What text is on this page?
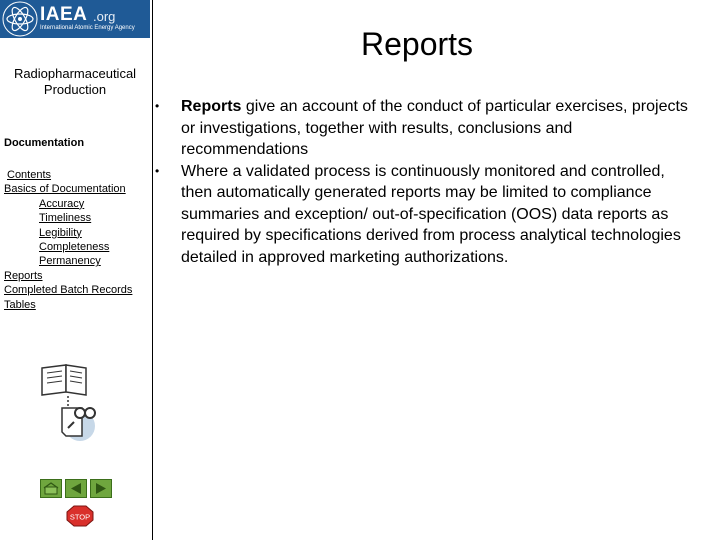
IAEA .org
International Atomic Energy Agency
Radiopharmaceutical
Production
Documentation
Contents
Basics of Documentation
Accuracy
Timeliness
Legibility
Completeness
Permanency
Reports
Completed Batch Records
Tables
STOP
Reports
• Reports give an account of the conduct of particular exercises, projects or investigations, together with results, conclusions and recommendations
• Where a validated process is continuously monitored and controlled, then automatically generated reports may be limited to compliance summaries and exception/ out-of-specification (OOS) data reports as required by specifications derived from process analytical technologies detailed in approved marketing authorizations.
